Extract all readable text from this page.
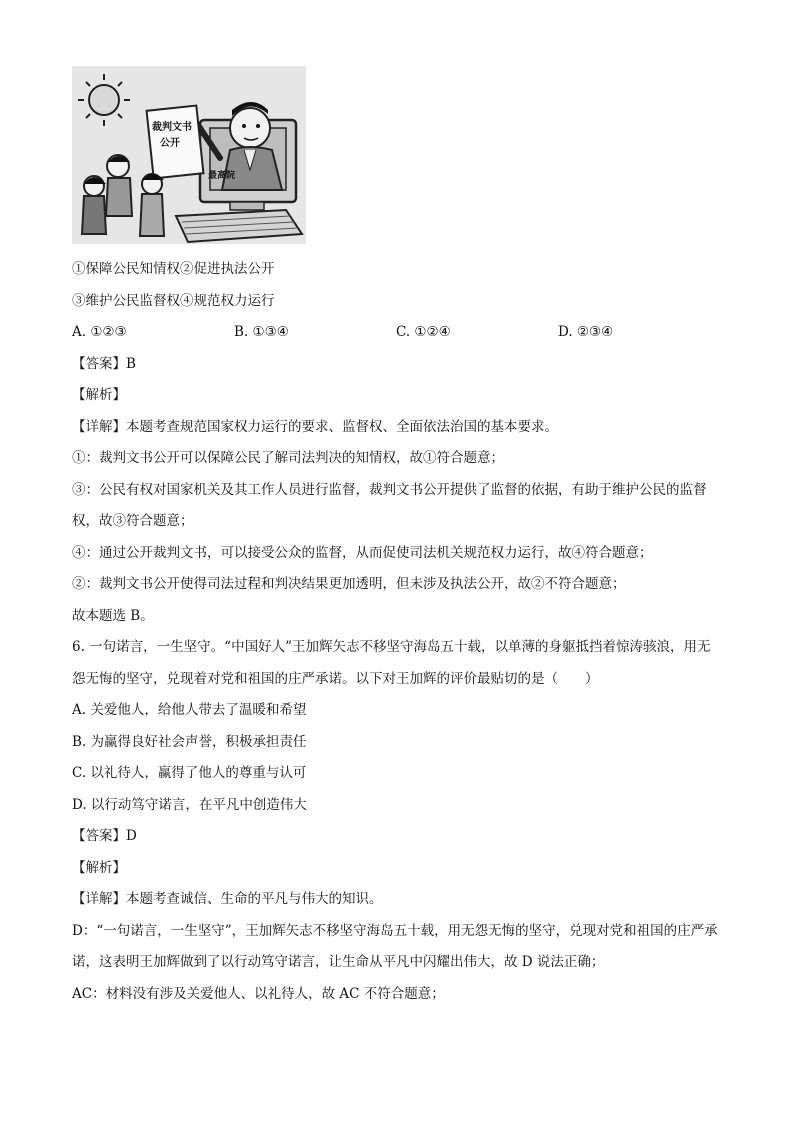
裁判文书
公开
最高院
①保障公民知情权②促进执法公开
③维护公民监督权④规范权力运行
A. ①②③	B. ①③④	C. ①②④	D. ②③④
【答案】B
【解析】
【详解】本题考查规范国家权力运行的要求、监督权、全面依法治国的基本要求。
①：裁判文书公开可以保障公民了解司法判决的知情权，故①符合题意；
③：公民有权对国家机关及其工作人员进行监督，裁判文书公开提供了监督的依据，有助于维护公民的监督权，故③符合题意；
④：通过公开裁判文书，可以接受公众的监督，从而促使司法机关规范权力运行，故④符合题意；
②：裁判文书公开使得司法过程和判决结果更加透明，但未涉及执法公开，故②不符合题意；
故本题选 B。
6. 一句诺言，一生坚守。“中国好人”王加辉矢志不移坚守海岛五十载，以单薄的身躯抵挡着惊涛骇浪，用无怨无悔的坚守，兑现着对党和祖国的庄严承诺。以下对王加辉的评价最贴切的是（　　）
A. 关爱他人，给他人带去了温暖和希望
B. 为赢得良好社会声誉，积极承担责任
C. 以礼待人，赢得了他人的尊重与认可
D. 以行动笃守诺言，在平凡中创造伟大
【答案】D
【解析】
【详解】本题考查诚信、生命的平凡与伟大的知识。
D：“一句诺言，一生坚守”，王加辉矢志不移坚守海岛五十载，用无怨无悔的坚守，兑现对党和祖国的庄严承诺，这表明王加辉做到了以行动笃守诺言，让生命从平凡中闪耀出伟大，故 D 说法正确；
AC：材料没有涉及关爱他人、以礼待人，故 AC 不符合题意；
